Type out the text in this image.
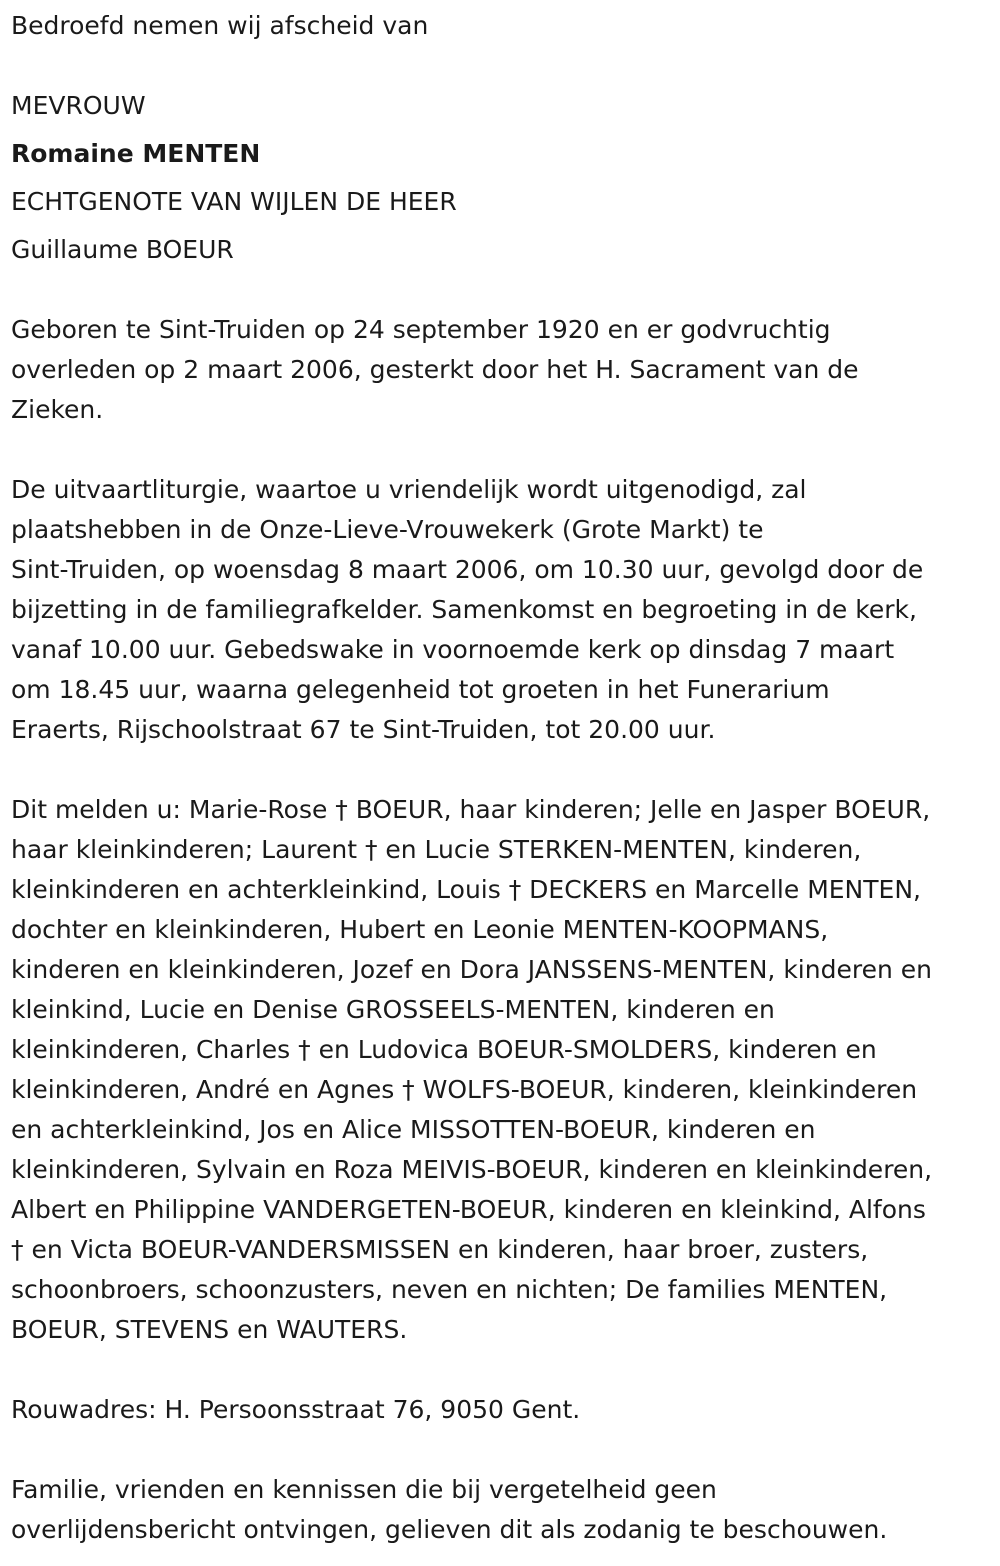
Bedroefd nemen wij afscheid van
MEVROUW
Romaine MENTEN
ECHTGENOTE VAN WIJLEN DE HEER
Guillaume BOEUR
Geboren te Sint-Truiden op 24 september 1920 en er godvruchtig
overleden op 2 maart 2006, gesterkt door het H. Sacrament van de
Zieken.
De uitvaartliturgie, waartoe u vriendelijk wordt uitgenodigd, zal
plaatshebben in de Onze-Lieve-Vrouwekerk (Grote Markt) te
Sint-Truiden, op woensdag 8 maart 2006, om 10.30 uur, gevolgd door de
bijzetting in de familiegrafkelder. Samenkomst en begroeting in de kerk,
vanaf 10.00 uur. Gebedswake in voornoemde kerk op dinsdag 7 maart
om 18.45 uur, waarna gelegenheid tot groeten in het Funerarium
Eraerts, Rijschoolstraat 67 te Sint-Truiden, tot 20.00 uur.
Dit melden u: Marie-Rose † BOEUR, haar kinderen; Jelle en Jasper BOEUR,
haar kleinkinderen; Laurent † en Lucie STERKEN-MENTEN, kinderen,
kleinkinderen en achterkleinkind, Louis † DECKERS en Marcelle MENTEN,
dochter en kleinkinderen, Hubert en Leonie MENTEN-KOOPMANS,
kinderen en kleinkinderen, Jozef en Dora JANSSENS-MENTEN, kinderen en
kleinkind, Lucie en Denise GROSSEELS-MENTEN, kinderen en
kleinkinderen, Charles † en Ludovica BOEUR-SMOLDERS, kinderen en
kleinkinderen, André en Agnes † WOLFS-BOEUR, kinderen, kleinkinderen
en achterkleinkind, Jos en Alice MISSOTTEN-BOEUR, kinderen en
kleinkinderen, Sylvain en Roza MEIVIS-BOEUR, kinderen en kleinkinderen,
Albert en Philippine VANDERGETEN-BOEUR, kinderen en kleinkind, Alfons
† en Victa BOEUR-VANDERSMISSEN en kinderen, haar broer, zusters,
schoonbroers, schoonzusters, neven en nichten; De families MENTEN,
BOEUR, STEVENS en WAUTERS.
Rouwadres: H. Persoonsstraat 76, 9050 Gent.
Familie, vrienden en kennissen die bij vergetelheid geen
overlijdensbericht ontvingen, gelieven dit als zodanig te beschouwen.
